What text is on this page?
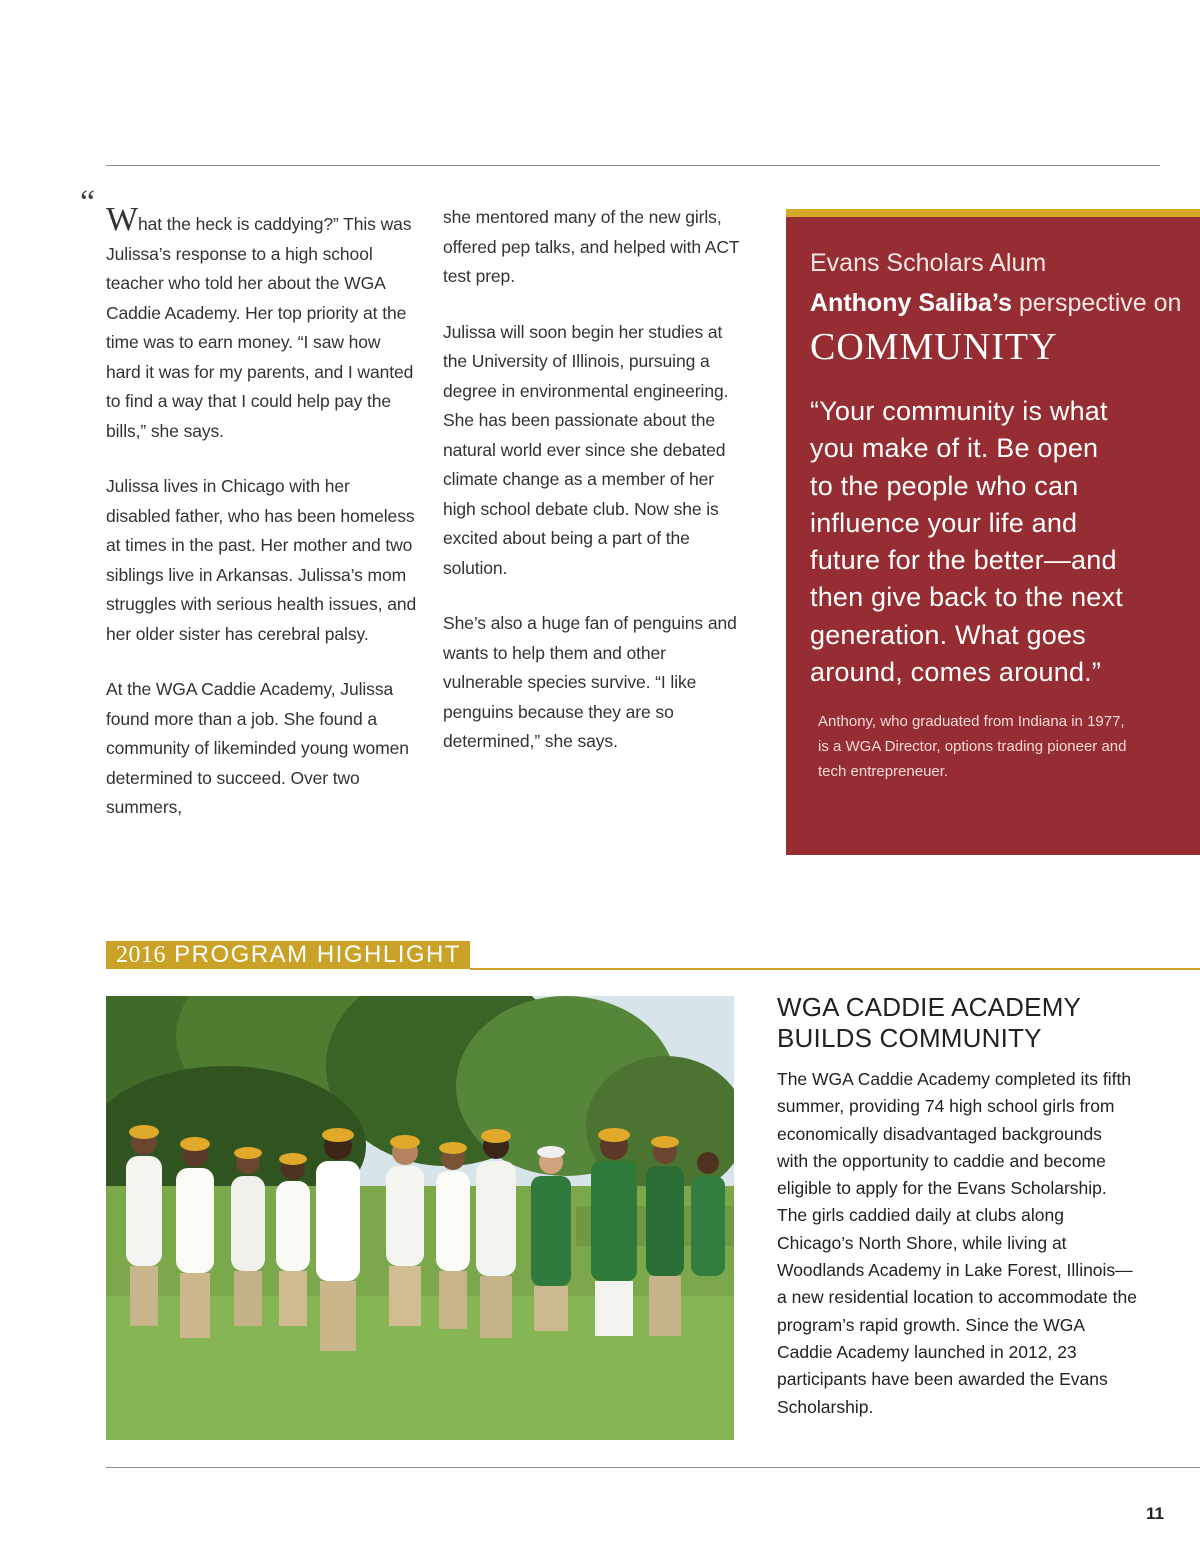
“ What the heck is caddying?” This was Julissa’s response to a high school teacher who told her about the WGA Caddie Academy. Her top priority at the time was to earn money. “I saw how hard it was for my parents, and I wanted to find a way that I could help pay the bills,” she says.

Julissa lives in Chicago with her disabled father, who has been homeless at times in the past. Her mother and two siblings live in Arkansas. Julissa’s mom struggles with serious health issues, and her older sister has cerebral palsy.

At the WGA Caddie Academy, Julissa found more than a job. She found a community of likeminded young women determined to succeed. Over two summers,

she mentored many of the new girls, offered pep talks, and helped with ACT test prep.

Julissa will soon begin her studies at the University of Illinois, pursuing a degree in environmental engineering. She has been passionate about the natural world ever since she debated climate change as a member of her high school debate club. Now she is excited about being a part of the solution.

She’s also a huge fan of penguins and wants to help them and other vulnerable species survive. “I like penguins because they are so determined,” she says.

Evans Scholars Alum
Anthony Saliba’s perspective on
COMMUNITY
“Your community is what
you make of it. Be open
to the people who can
influence your life and
future for the better—and
then give back to the next
generation. What goes
around, comes around.”
Anthony, who graduated from Indiana in 1977, is a WGA Director, options trading pioneer and tech entrepreneuer.
2016 PROGRAM HIGHLIGHT
WGA CADDIE ACADEMY
BUILDS COMMUNITY
The WGA Caddie Academy completed its fifth summer, providing 74 high school girls from economically disadvantaged backgrounds with the opportunity to caddie and become eligible to apply for the Evans Scholarship. The girls caddied daily at clubs along Chicago’s North Shore, while living at Woodlands Academy in Lake Forest, Illinois—a new residential location to accommodate the program’s rapid growth. Since the WGA Caddie Academy launched in 2012, 23 participants have been awarded the Evans Scholarship.
11
